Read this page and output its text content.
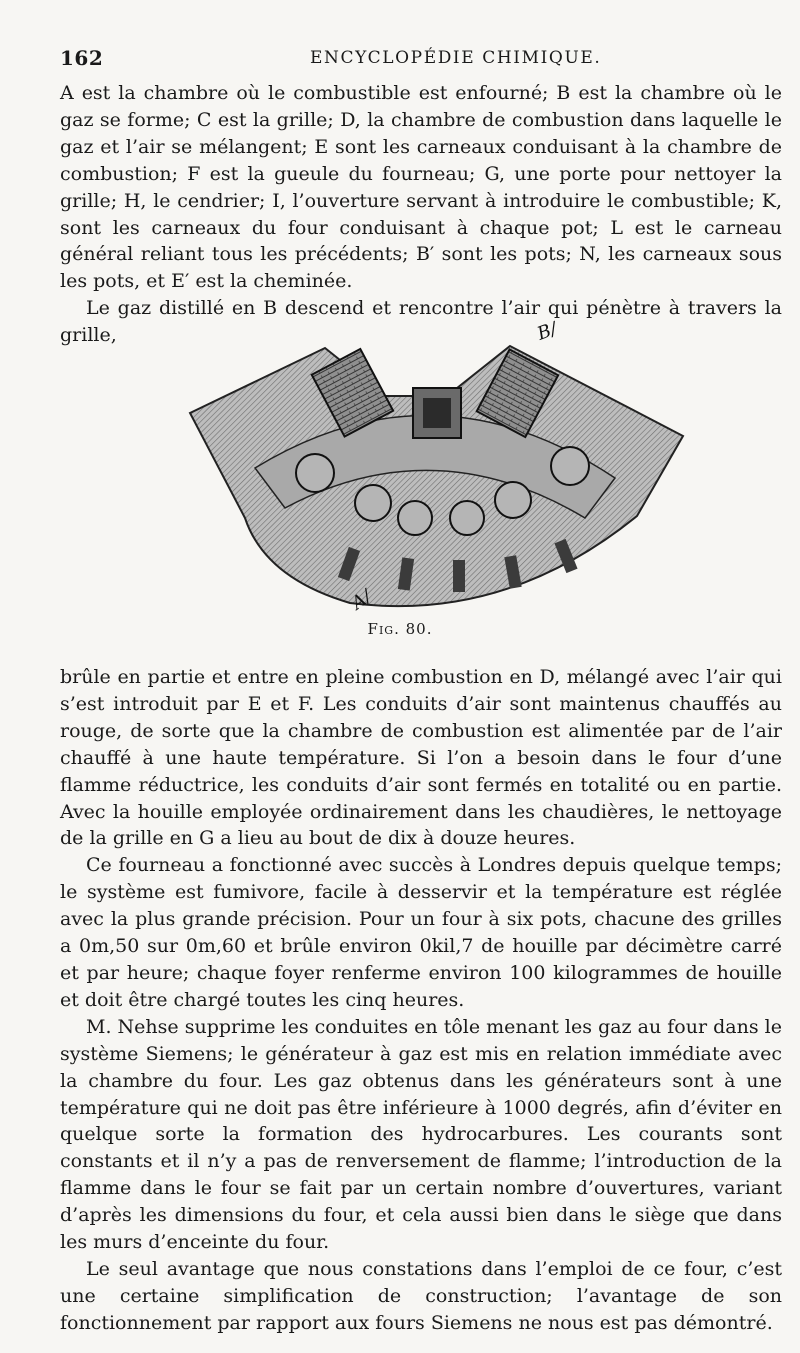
162	ENCYCLOPÉDIE CHIMIQUE.

A est la chambre où le combustible est enfourné; B est la chambre où le gaz se forme; C est la grille; D, la chambre de combustion dans laquelle le gaz et l’air se mélangent; E sont les carneaux conduisant à la chambre de combustion; F est la gueule du fourneau; G, une porte pour nettoyer la grille; H, le cendrier; I, l’ouverture servant à introduire le combustible; K, sont les carneaux du four conduisant à chaque pot; L est le carneau général reliant tous les précédents; B′ sont les pots; N, les carneaux sous les pots, et E′ est la cheminée.

Le gaz distillé en B descend et rencontre l’air qui pénètre à travers la grille,	B/
A/
Fig. 80.

brûle en partie et entre en pleine combustion en D, mélangé avec l’air qui s’est introduit par E et F. Les conduits d’air sont maintenus chauffés au rouge, de sorte que la chambre de combustion est alimentée par de l’air chauffé à une haute température. Si l’on a besoin dans le four d’une flamme réductrice, les conduits d’air sont fermés en totalité ou en partie. Avec la houille employée ordinairement dans les chaudières, le nettoyage de la grille en G a lieu au bout de dix à douze heures.

Ce fourneau a fonctionné avec succès à Londres depuis quelque temps; le système est fumivore, facile à desservir et la température est réglée avec la plus grande précision. Pour un four à six pots, chacune des grilles a 0m,50 sur 0m,60 et brûle environ 0kil,7 de houille par décimètre carré et par heure; chaque foyer renferme environ 100 kilogrammes de houille et doit être chargé toutes les cinq heures.

M. Nehse supprime les conduites en tôle menant les gaz au four dans le système Siemens; le générateur à gaz est mis en relation immédiate avec la chambre du four. Les gaz obtenus dans les générateurs sont à une température qui ne doit pas être inférieure à 1000 degrés, afin d’éviter en quelque sorte la formation des hydrocarbures. Les courants sont constants et il n’y a pas de renversement de flamme; l’introduction de la flamme dans le four se fait par un certain nombre d’ouvertures, variant d’après les dimensions du four, et cela aussi bien dans le siège que dans les murs d’enceinte du four.

Le seul avantage que nous constations dans l’emploi de ce four, c’est une certaine simplification de construction; l’avantage de son fonctionnement par rapport aux fours Siemens ne nous est pas démontré.
